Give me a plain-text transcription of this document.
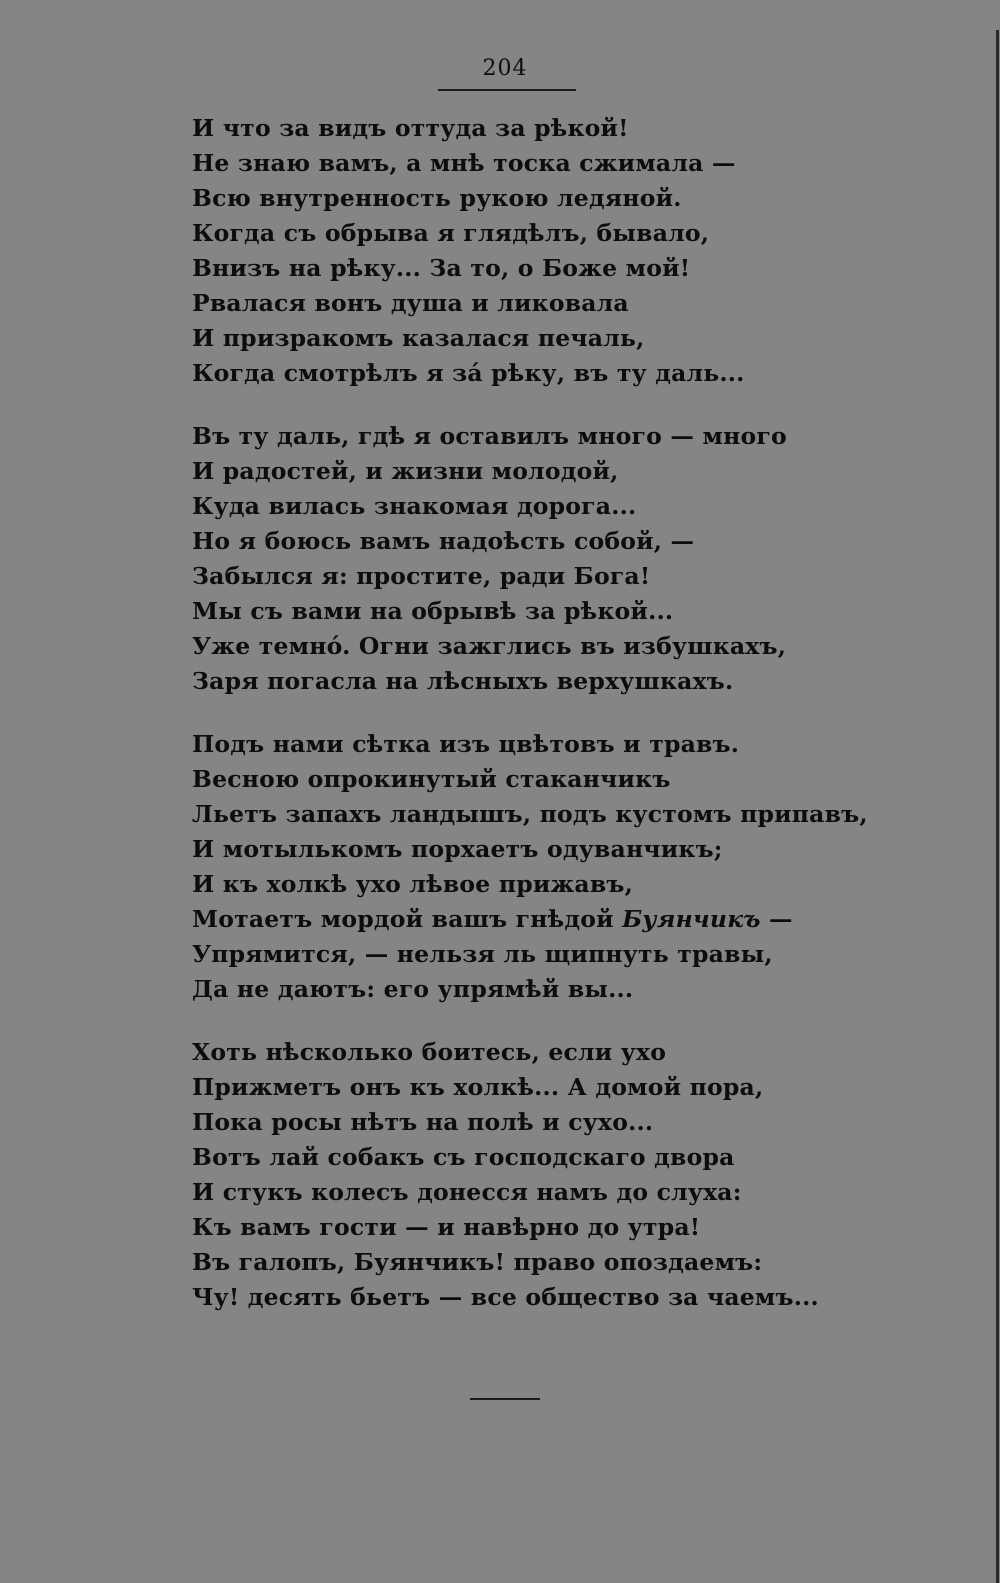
204
И что за видъ оттуда за рѣкой!
Не знаю вамъ, а мнѣ тоска сжимала —
Всю внутренность рукою ледяной.
Когда съ обрыва я глядѣлъ, бывало,
Внизъ на рѣку... За то, о Боже мой!
Рвалася вонъ душа и ликовала
И призракомъ казалася печаль,
Когда смотрѣлъ я зá рѣку, въ ту даль...
Въ ту даль, гдѣ я оставилъ много — много
И радостей, и жизни молодой,
Куда вилась знакомая дорога...
Но я боюсь вамъ надоѣсть собой, —
Забылся я: простите, ради Бога!
Мы съ вами на обрывѣ за рѣкой...
Уже темнó. Огни зажглись въ избушкахъ,
Заря погасла на лѣсныхъ верхушкахъ.
Подъ нами сѣтка изъ цвѣтовъ и травъ.
Весною опрокинутый стаканчикъ
Льетъ запахъ ландышъ, подъ кустомъ припавъ,
И мотылькомъ порхаетъ одуванчикъ;
И къ холкѣ ухо лѣвое прижавъ,
Мотаетъ мордой вашъ гнѣдой Буянчикъ —
Упрямится, — нельзя ль щипнуть травы,
Да не даютъ: его упрямѣй вы...
Хоть нѣсколько боитесь, если ухо
Прижметъ онъ къ холкѣ... А домой пора,
Пока росы нѣтъ на полѣ и сухо...
Вотъ лай собакъ съ господскаго двора
И стукъ колесъ донесся намъ до слуха:
Къ вамъ гости — и навѣрно до утра!
Въ галопъ, Буянчикъ! право опоздаемъ:
Чу! десять бьетъ — все общество за чаемъ...
